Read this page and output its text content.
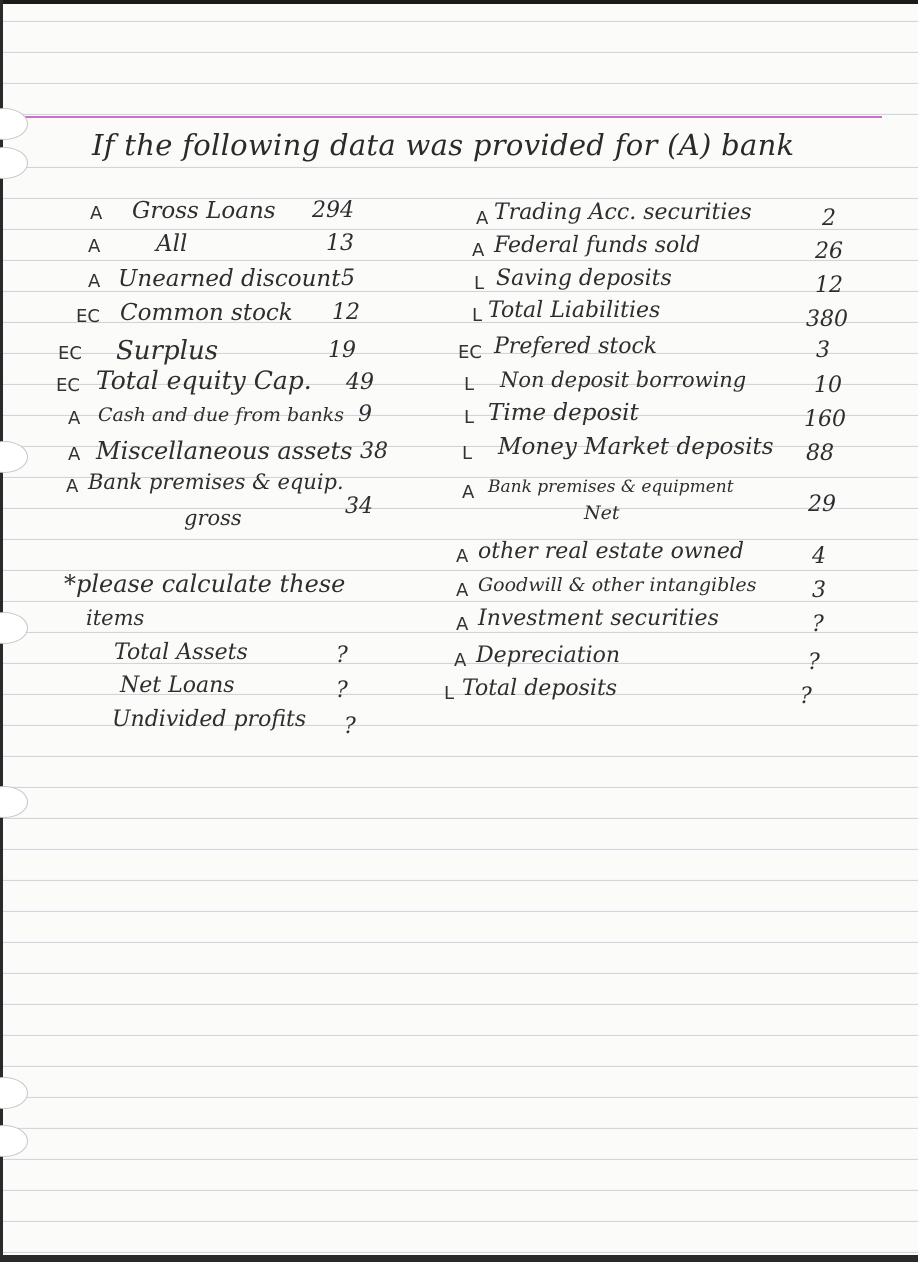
If the following data was provided for (A) bank
A Gross Loans 294
A All	13
A Unearned discount 5
EC Common stock 12
EC Surplus	19
EC Total equity Cap. 49
A Cash and due from banks 9
A Miscellaneous assets 38
A Bank premises & equip.
gross	34
*please calculate these
items
Total Assets	?
Net Loans	?
Undivided profits ?
A Trading Acc. securities	2
A Federal funds sold	26
L Saving deposits	12
L Total Liabilities	380
EC Prefered stock	3
L Non deposit borrowing	10
L Time deposit	160
L Money Market deposits 88
A Bank premises & equipment
Net	29
A other real estate owned	4
A Goodwill & other intangibles	3
A Investment securities	?
A Depreciation	?
L Total deposits	?
